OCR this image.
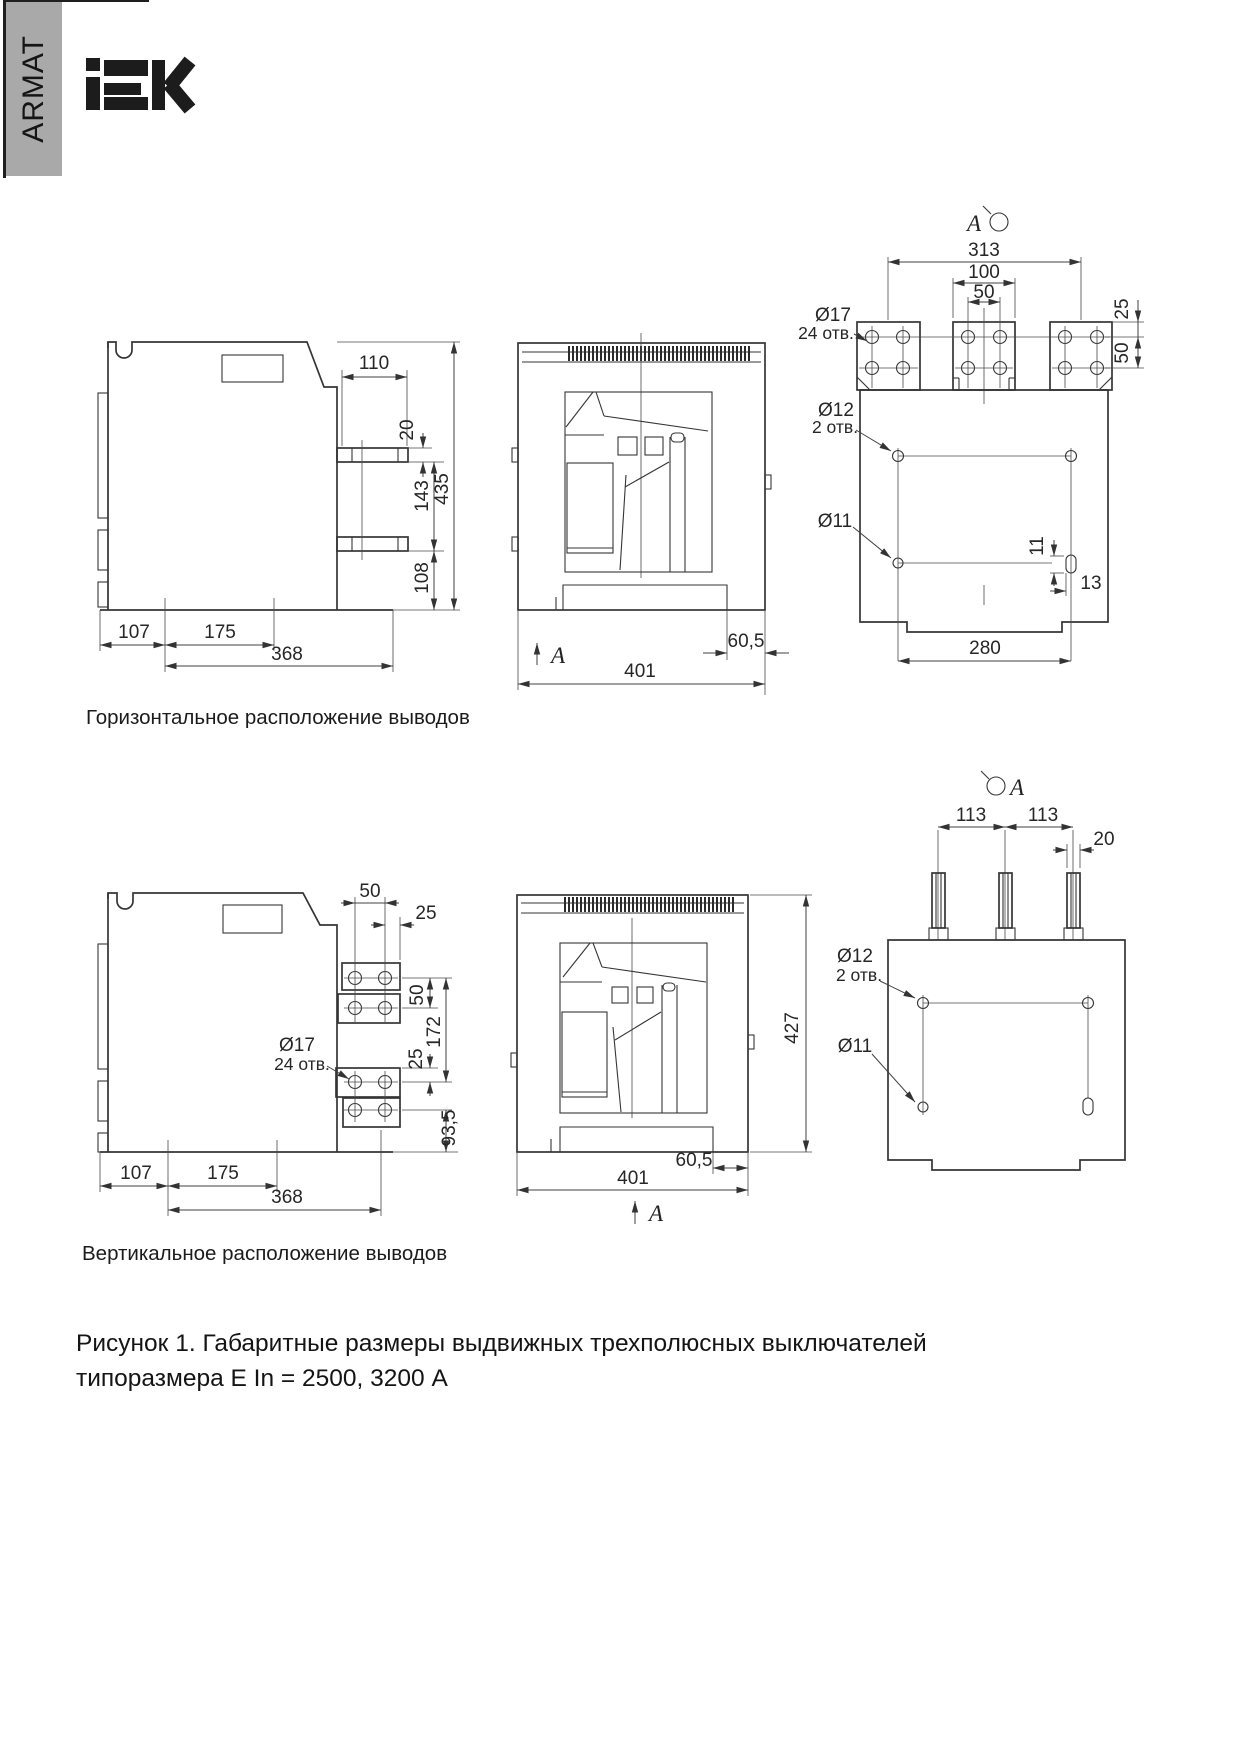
ARMAT
110
20
143 435
108
107	175
368
60,5
401
A
A
313
100
50
25
50
Ø17
24 отв.
Ø12
2 отв.
Ø11
11
13
280
50
25
50
25
172
93,5
Ø17
24 отв.
107	175
368
427
60,5
401
A
A
113 113
20
Ø12
2 отв.
Ø11
Горизонтальное расположение выводов
Вертикальное расположение выводов
Рисунок 1. Габаритные размеры выдвижных трехполюсных выключателей
типоразмера E In = 2500, 3200 А
